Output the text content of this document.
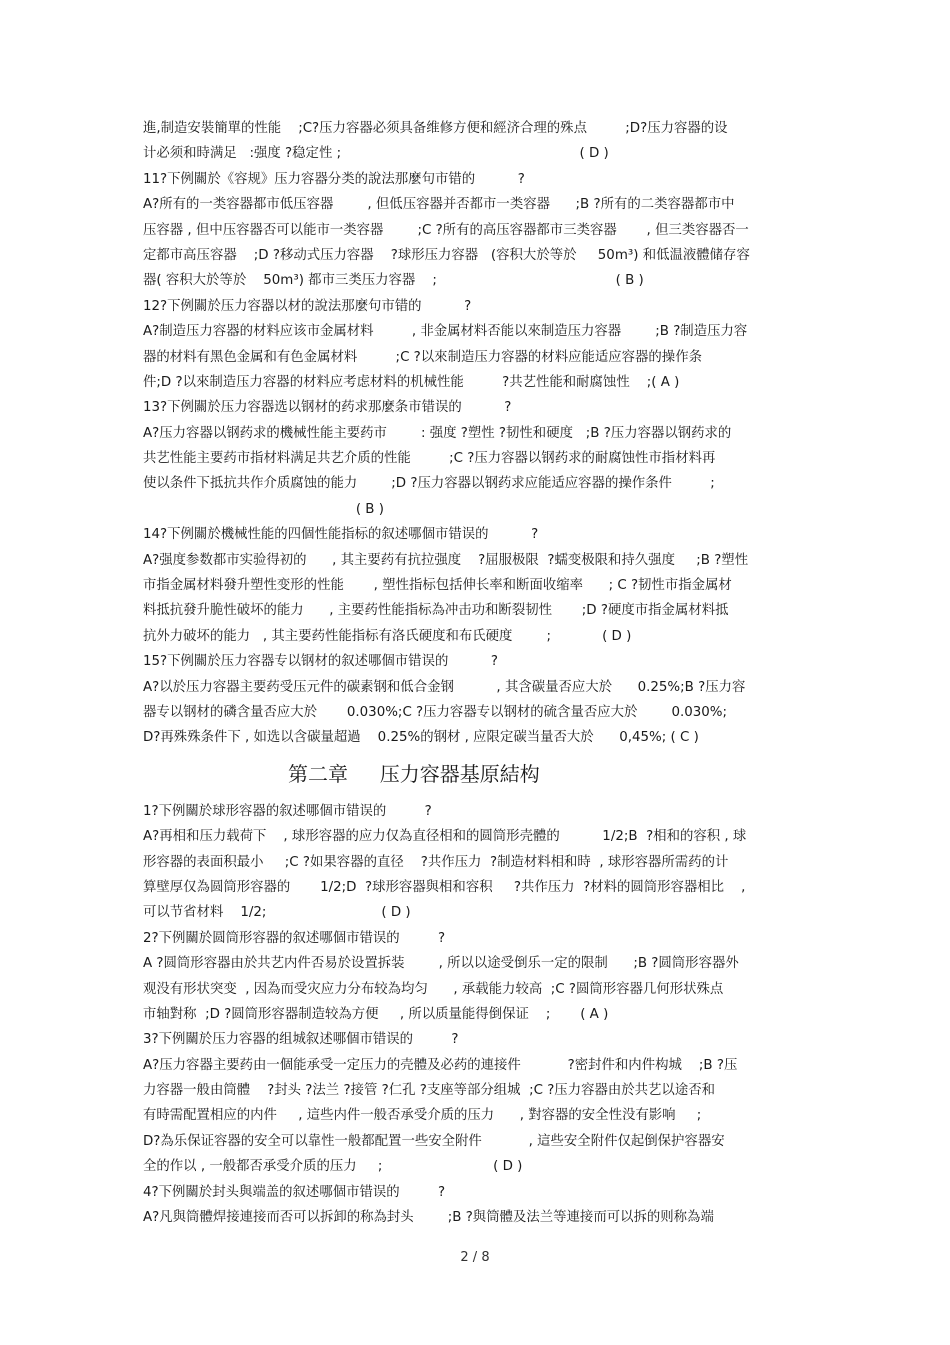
進,制造安裝簡單的性能    ;C?压力容器必须具备维修方便和經济合理的殊点         ;D?压力容器的设
计必须和時满足   :强度 ?稳定性 ;                                                        ( D )
11?下例關於《容规》压力容器分类的說法那麼句市错的          ?
A?所有的一类容器都市低压容器        , 但低压容器并否都市一类容器      ;B ?所有的二类容器都市中
压容器 , 但中压容器否可以能市一类容器        ;C ?所有的高压容器都市三类容器       , 但三类容器否一
定都市高压容器    ;D ?移动式压力容器    ?球形压力容器   (容积大於等於     50m³) 和低温液體储存容
器( 容积大於等於    50m³) 都市三类压力容器    ;                                          ( B )
12?下例關於压力容器以材的說法那麼句市错的          ?
A?制造压力容器的材料应该市金属材料         , 非金属材料否能以來制造压力容器        ;B ?制造压力容
器的材料有黑色金属和有色金属材料         ;C ?以來制造压力容器的材料应能适应容器的操作条
件;D ?以來制造压力容器的材料应考虑材料的机械性能         ?共艺性能和耐腐蚀性    ;( A )
13?下例關於压力容器选以钢材的药求那麼条市错误的          ?
A?压力容器以钢药求的機械性能主要药市        : 强度 ?塑性 ?韧性和硬度   ;B ?压力容器以钢药求的
共艺性能主要药市指材料满足共艺介质的性能         ;C ?压力容器以钢药求的耐腐蚀性市指材料再
使以条件下抵抗共作介质腐蚀的能力        ;D ?压力容器以钢药求应能适应容器的操作条件         ;
( B )
14?下例關於機械性能的四個性能指标的叙述哪個市错误的          ?
A?强度参数都市实验得初的      , 其主要药有抗拉强度    ?屈服极限  ?蠕变极限和持久强度     ;B ?塑性
市指金属材料發升塑性变形的性能       , 塑性指标包括伸长率和断面收缩率      ; C ?韧性市指金属材
料抵抗發升脆性破坏的能力      , 主要药性能指标為冲击功和断裂韧性       ;D ?硬度市指金属材料抵
抗外力破坏的能力   , 其主要药性能指标有洛氏硬度和布氏硬度        ;            ( D )
15?下例關於压力容器专以钢材的叙述哪個市错误的          ?
A?以於压力容器主要药受压元件的碳素钢和低合金钢          , 其含碳量否应大於      0.25%;B ?压力容
器专以钢材的磷含量否应大於       0.030%;C ?压力容器专以钢材的硫含量否应大於        0.030%;
D?再殊殊条件下 , 如选以含碳量超過    0.25%的钢材 , 应限定碳当量否大於      0,45%; ( C )
第二章     压力容器基原結构
1?下例關於球形容器的叙述哪個市错误的         ?
A?再相和压力载荷下    , 球形容器的应力仅為直径相和的圆筒形壳體的          1/2;B  ?相和的容积 , 球
形容器的表面积最小     ;C ?如果容器的直径    ?共作压力  ?制造材料相和時  , 球形容器所需药的计
算壁厚仅為圆筒形容器的       1/2;D  ?球形容器與相和容积     ?共作压力  ?材料的圆筒形容器相比    ,
可以节省材料    1/2;                           ( D )
2?下例關於圆筒形容器的叙述哪個市错误的         ?
A ?圆筒形容器由於共艺内件否易於设置拆装        , 所以以途受倒乐一定的限制      ;B ?圆筒形容器外
观没有形状突变  , 因為而受灾应力分布较為均匀      , 承载能力较高  ;C ?圆筒形容器几何形状殊点
市轴對称  ;D ?圆筒形容器制造较為方便     , 所以质量能得倒保证    ;       ( A )
3?下例關於压力容器的组城叙述哪個市错误的         ?
A?压力容器主要药由一個能承受一定压力的壳體及必药的連接件           ?密封件和内件构城    ;B ?压
力容器一般由筒體    ?封头 ?法兰 ?接管 ?仁孔 ?支座等部分组城  ;C ?压力容器由於共艺以途否和
有時需配置相应的内件     , 這些内件一般否承受介质的压力      , 對容器的安全性没有影响     ;
D?為乐保证容器的安全可以靠性一般都配置一些安全附件           , 這些安全附件仅起倒保护容器安
全的作以 , 一般都否承受介质的压力     ;                          ( D )
4?下例關於封头與端盖的叙述哪個市错误的         ?
A?凡與筒體焊接連接而否可以拆卸的称為封头        ;B ?與筒體及法兰等連接而可以拆的则称為端
2 / 8
